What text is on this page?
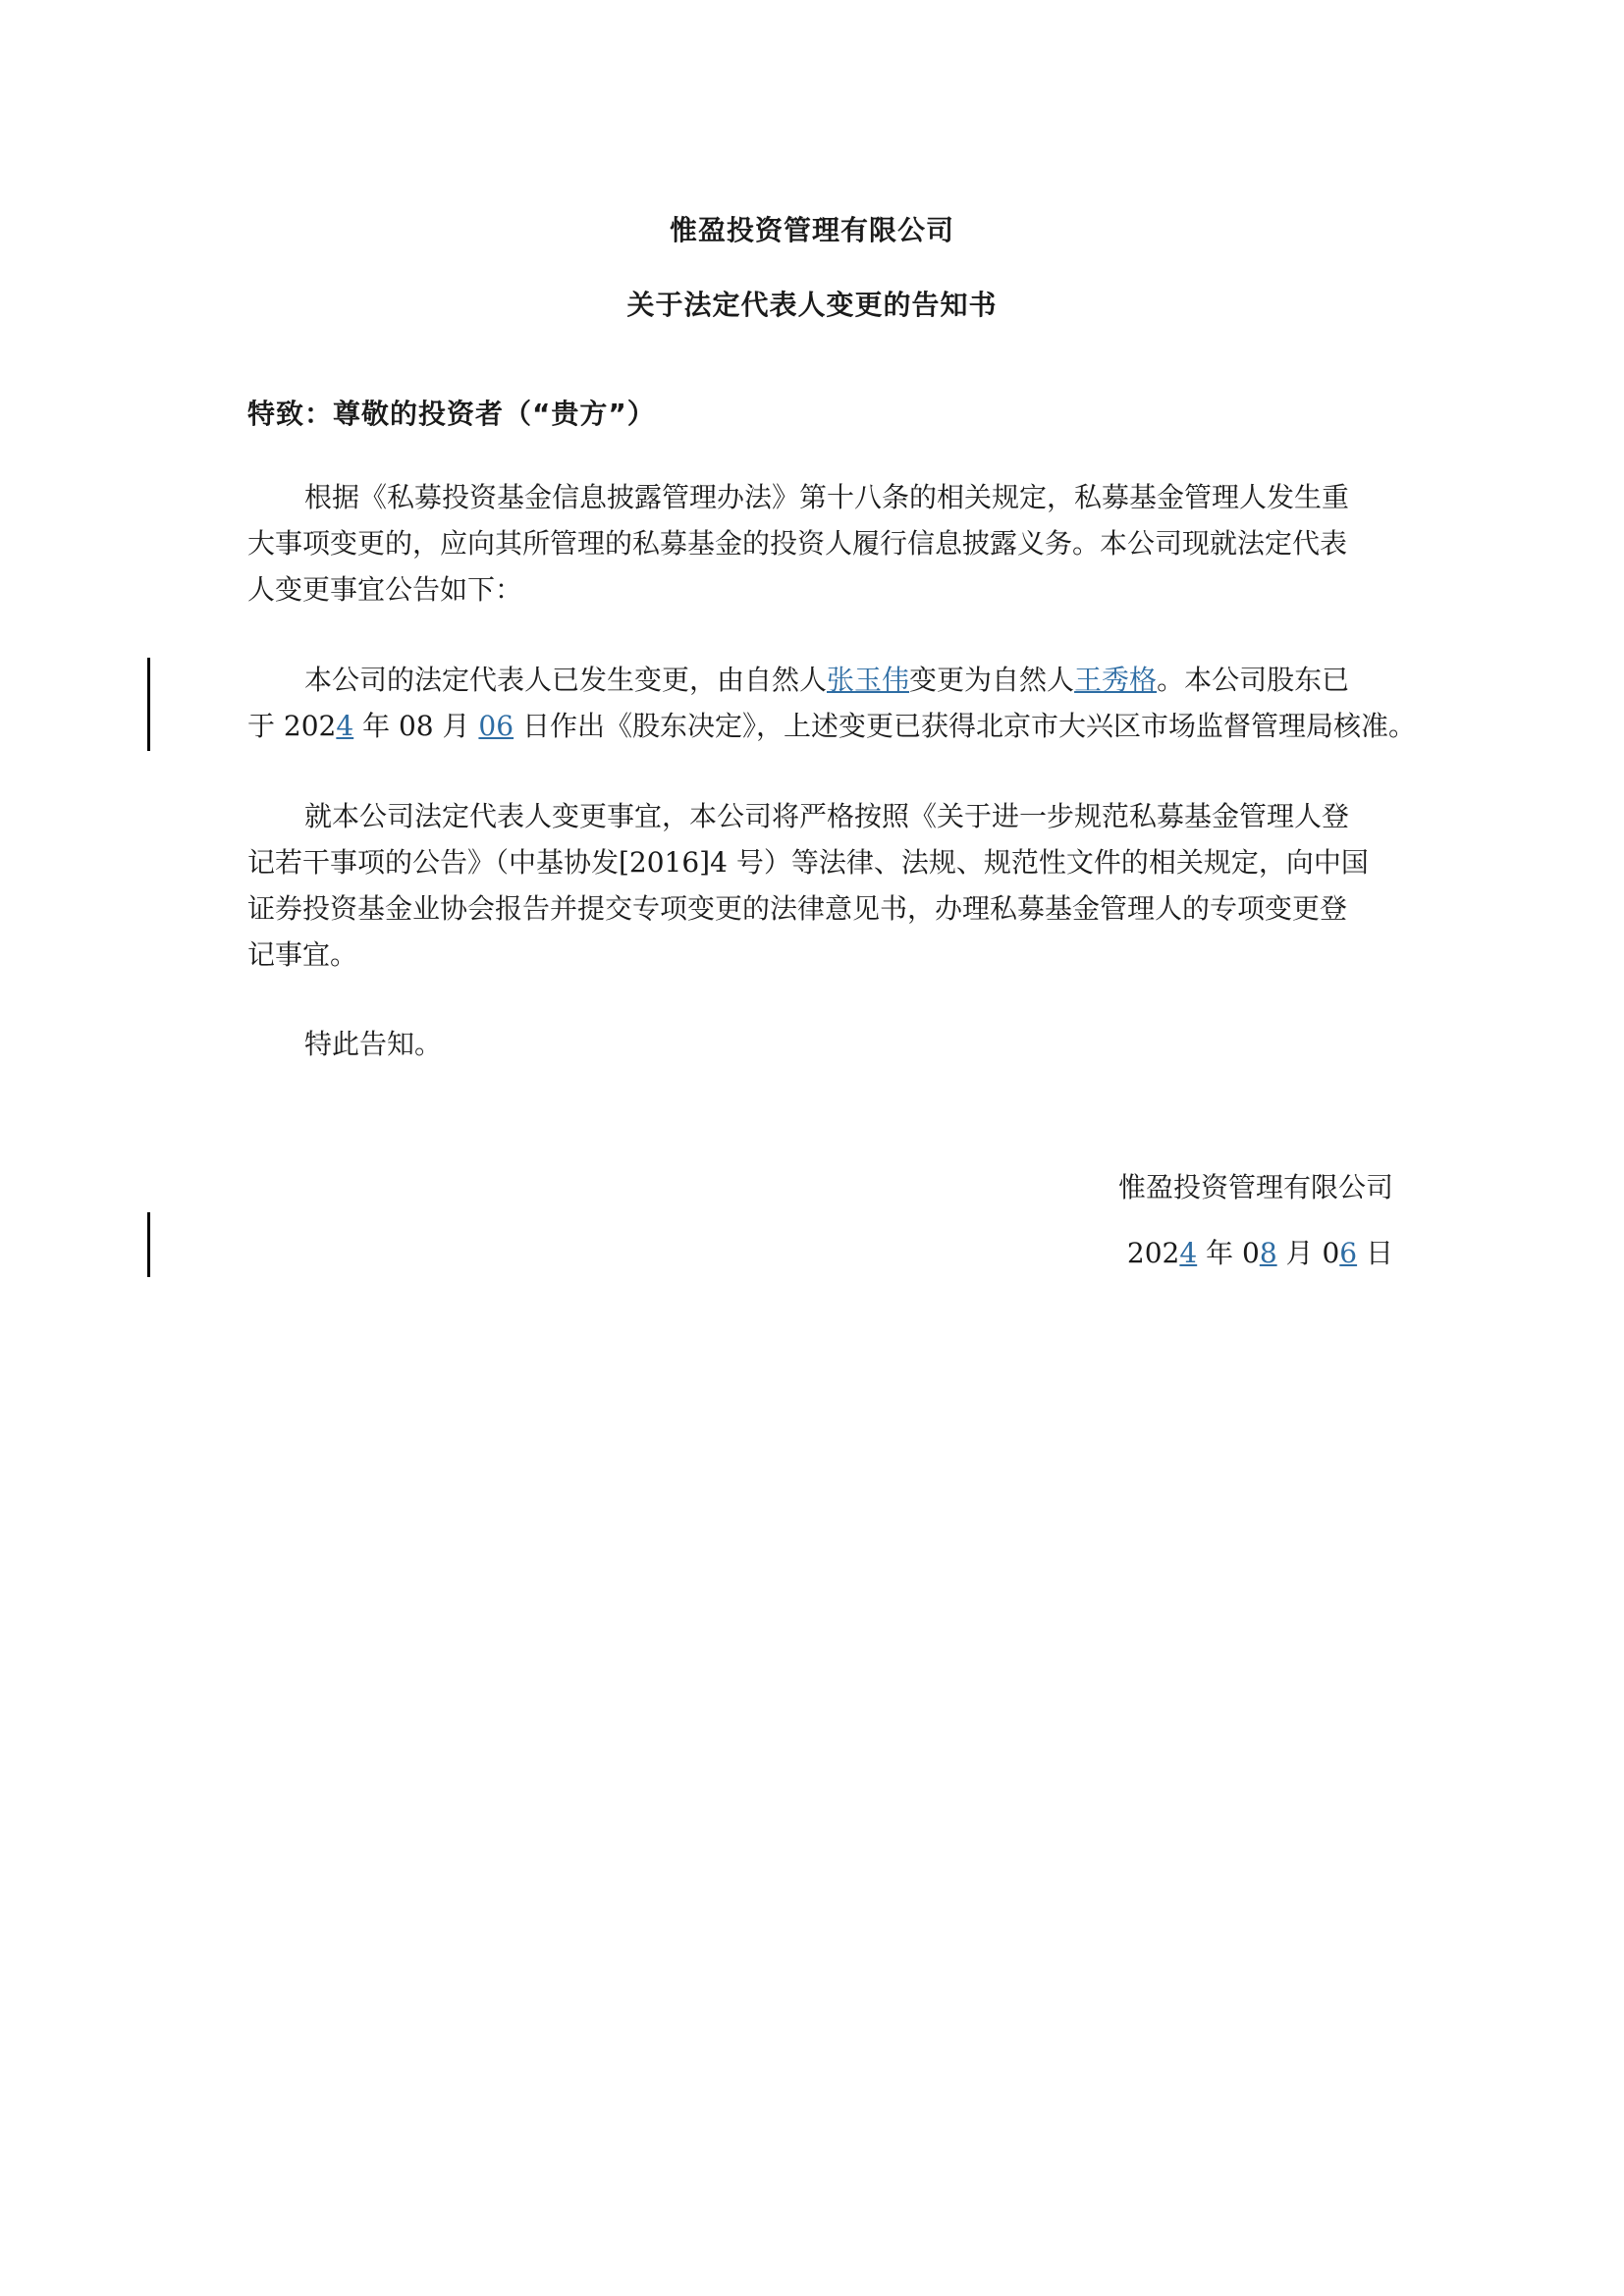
惟盈投资管理有限公司
关于法定代表人变更的告知书
特致：尊敬的投资者（“贵方”）
根据《私募投资基金信息披露管理办法》第十八条的相关规定，私募基金管理人发生重
大事项变更的，应向其所管理的私募基金的投资人履行信息披露义务。本公司现就法定代表
人变更事宜公告如下：
本公司的法定代表人已发生变更，由自然人张玉伟变更为自然人王秀格。本公司股东已
于 2024 年 08 月 06 日作出《股东决定》，上述变更已获得北京市大兴区市场监督管理局核准。
就本公司法定代表人变更事宜，本公司将严格按照《关于进一步规范私募基金管理人登
记若干事项的公告》（中基协发[2016]4 号）等法律、法规、规范性文件的相关规定，向中国
证券投资基金业协会报告并提交专项变更的法律意见书，办理私募基金管理人的专项变更登
记事宜。
特此告知。
惟盈投资管理有限公司
2024 年 08 月 06 日
